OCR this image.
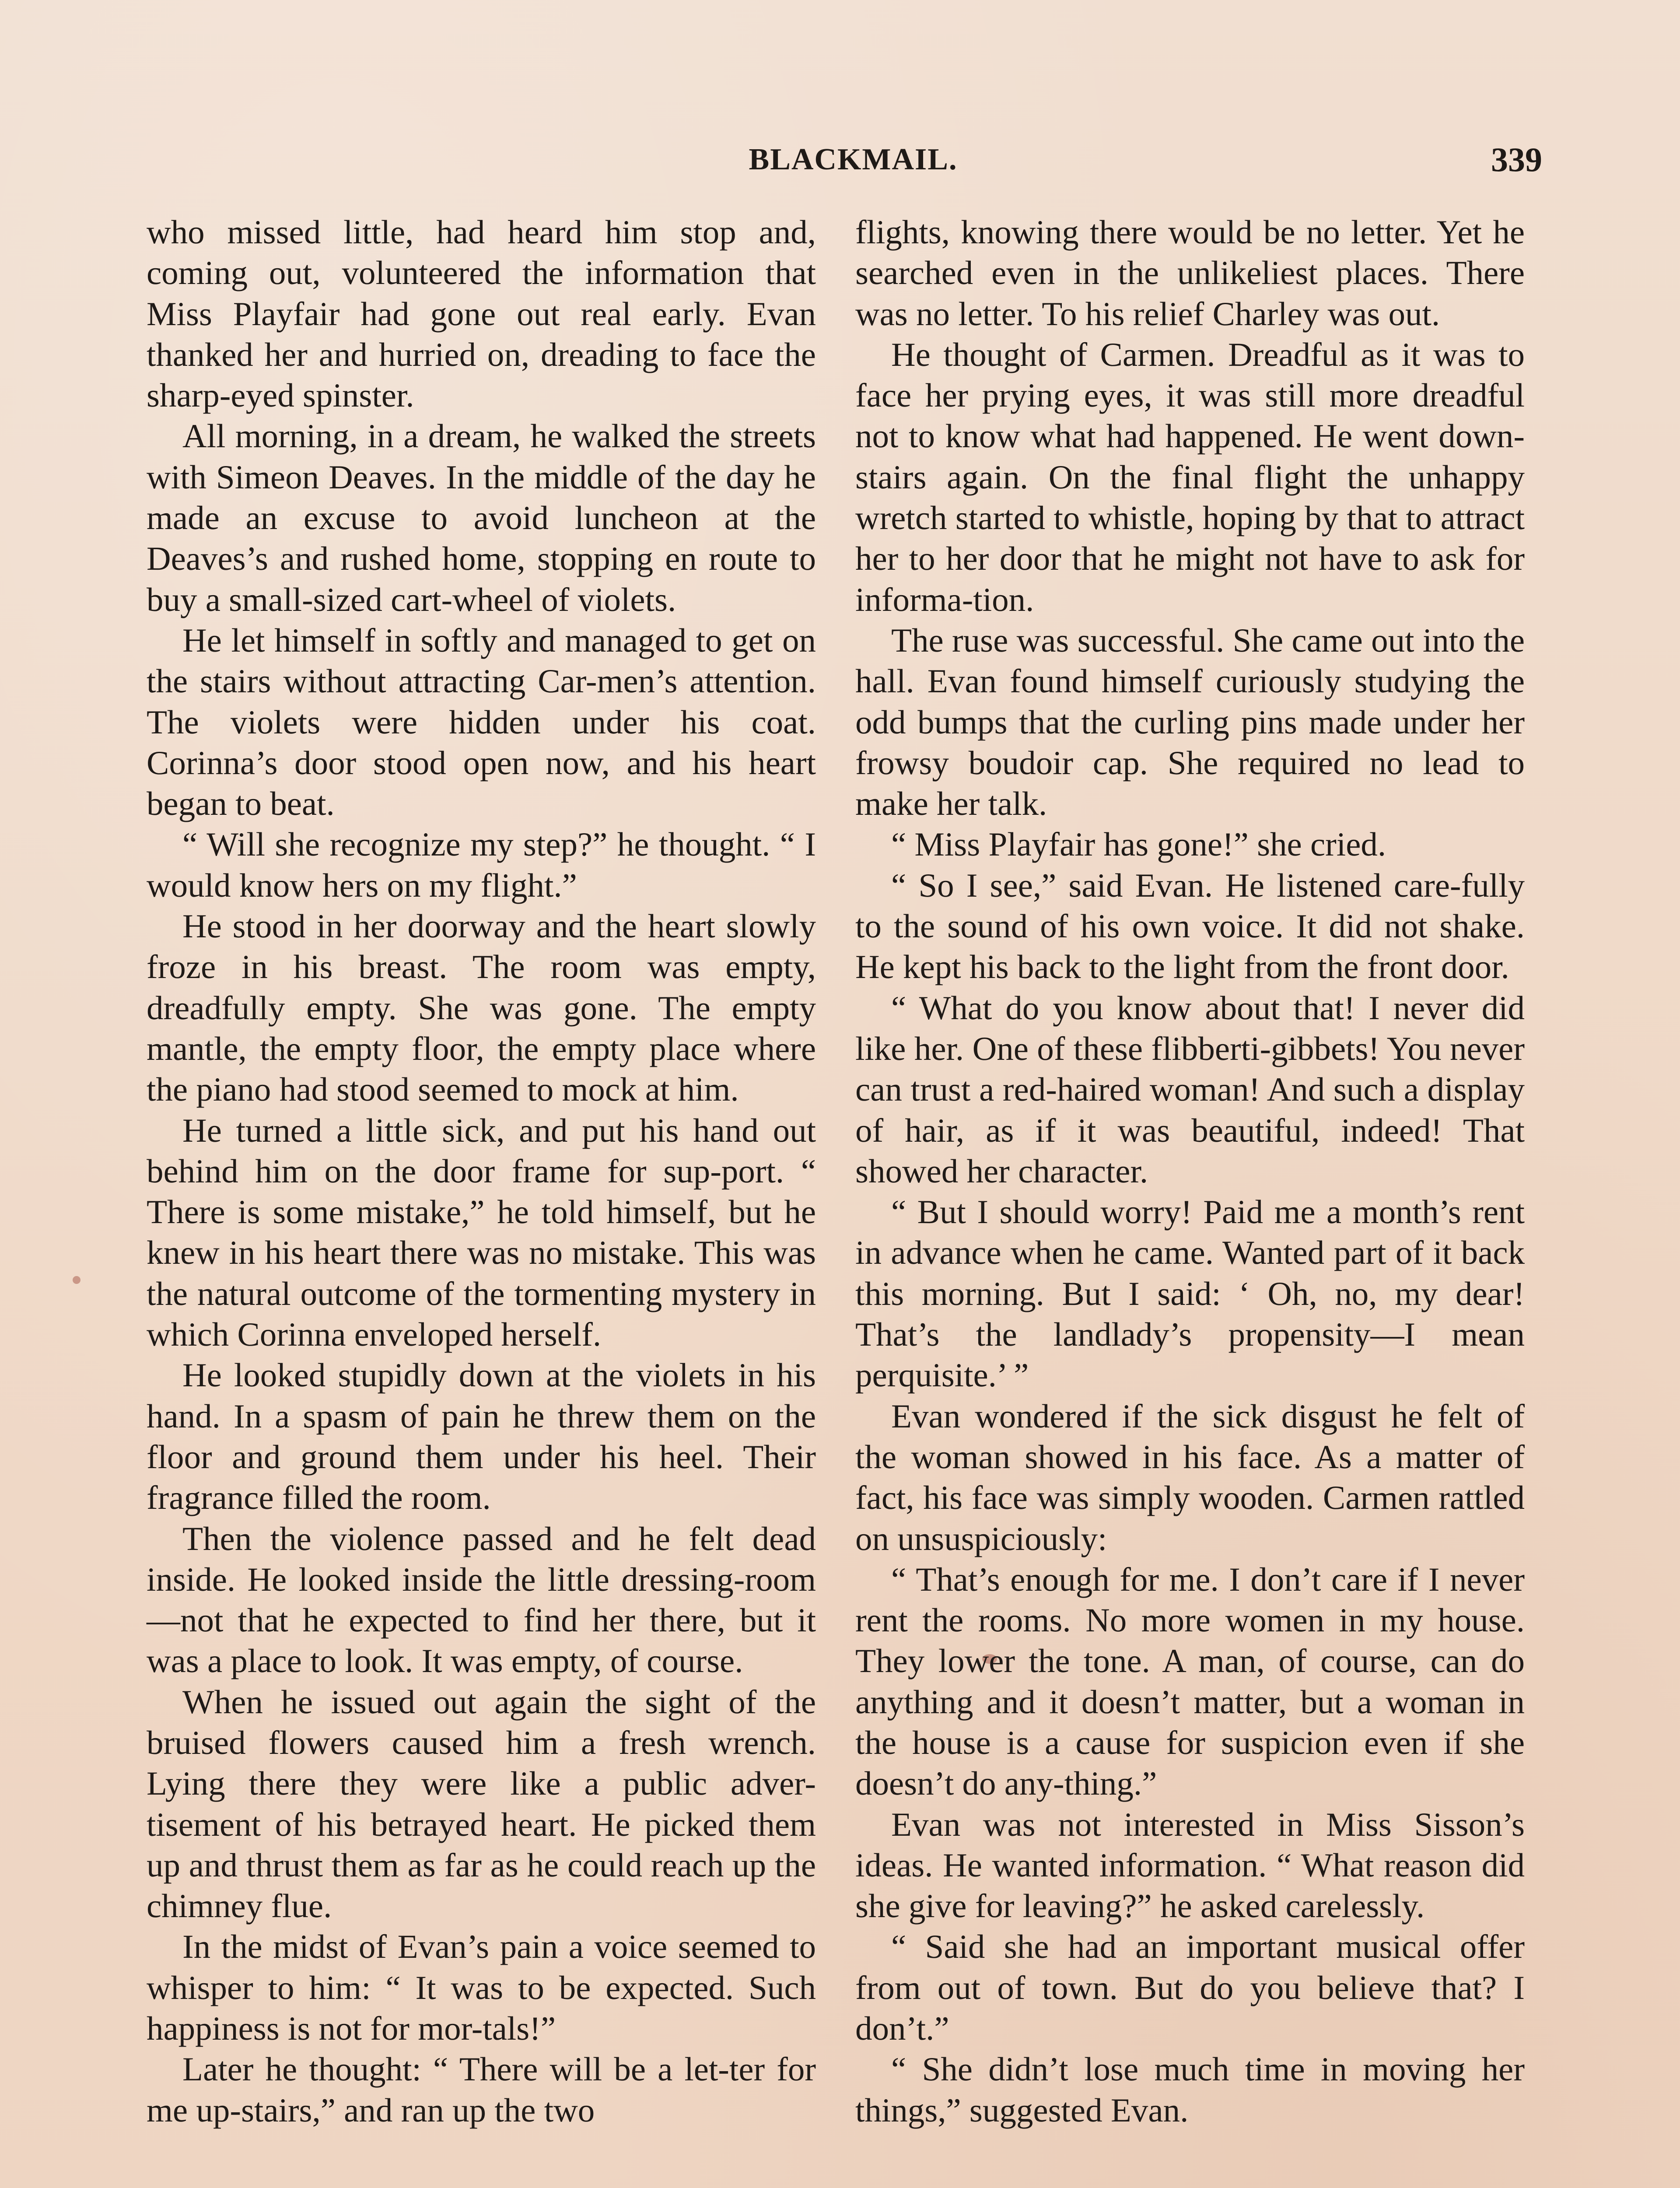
BLACKMAIL.	339

who missed little, had heard him stop and, coming out, volunteered the information that Miss Playfair had gone out real early. Evan thanked her and hurried on, dreading to face the sharp-eyed spinster.

All morning, in a dream, he walked the streets with Simeon Deaves. In the middle of the day he made an excuse to avoid luncheon at the Deaves’s and rushed home, stopping en route to buy a small-sized cart-wheel of violets.

He let himself in softly and managed to get on the stairs without attracting Car-men’s attention. The violets were hidden under his coat. Corinna’s door stood open now, and his heart began to beat.

“ Will she recognize my step?” he thought. “ I would know hers on my flight.”

He stood in her doorway and the heart slowly froze in his breast. The room was empty, dreadfully empty. She was gone. The empty mantle, the empty floor, the empty place where the piano had stood seemed to mock at him.

He turned a little sick, and put his hand out behind him on the door frame for sup-port. “ There is some mistake,” he told himself, but he knew in his heart there was no mistake. This was the natural outcome of the tormenting mystery in which Corinna enveloped herself.

He looked stupidly down at the violets in his hand. In a spasm of pain he threw them on the floor and ground them under his heel. Their fragrance filled the room.

Then the violence passed and he felt dead inside. He looked inside the little dressing-room—not that he expected to find her there, but it was a place to look. It was empty, of course.

When he issued out again the sight of the bruised flowers caused him a fresh wrench. Lying there they were like a public adver-tisement of his betrayed heart. He picked them up and thrust them as far as he could reach up the chimney flue.

In the midst of Evan’s pain a voice seemed to whisper to him: “ It was to be expected. Such happiness is not for mor-tals!”

Later he thought: “ There will be a let-ter for me up-stairs,” and ran up the two

flights, knowing there would be no letter. Yet he searched even in the unlikeliest places. There was no letter. To his relief Charley was out.

He thought of Carmen. Dreadful as it was to face her prying eyes, it was still more dreadful not to know what had happened. He went down-stairs again. On the final flight the unhappy wretch started to whistle, hoping by that to attract her to her door that he might not have to ask for informa-tion.

The ruse was successful. She came out into the hall. Evan found himself curiously studying the odd bumps that the curling pins made under her frowsy boudoir cap. She required no lead to make her talk.

“ Miss Playfair has gone!” she cried.

“ So I see,” said Evan. He listened care-fully to the sound of his own voice. It did not shake. He kept his back to the light from the front door.

“ What do you know about that! I never did like her. One of these flibberti-gibbets! You never can trust a red-haired woman! And such a display of hair, as if it was beautiful, indeed! That showed her character.

“ But I should worry! Paid me a month’s rent in advance when he came. Wanted part of it back this morning. But I said: ‘ Oh, no, my dear! That’s the landlady’s propensity—I mean perquisite.’ ”

Evan wondered if the sick disgust he felt of the woman showed in his face. As a matter of fact, his face was simply wooden. Carmen rattled on unsuspiciously:

“ That’s enough for me. I don’t care if I never rent the rooms. No more women in my house. They lower the tone. A man, of course, can do anything and it doesn’t matter, but a woman in the house is a cause for suspicion even if she doesn’t do any-thing.”

Evan was not interested in Miss Sisson’s ideas. He wanted information. “ What reason did she give for leaving?” he asked carelessly.

“ Said she had an important musical offer from out of town. But do you believe that? I don’t.”

“ She didn’t lose much time in moving her things,” suggested Evan.
